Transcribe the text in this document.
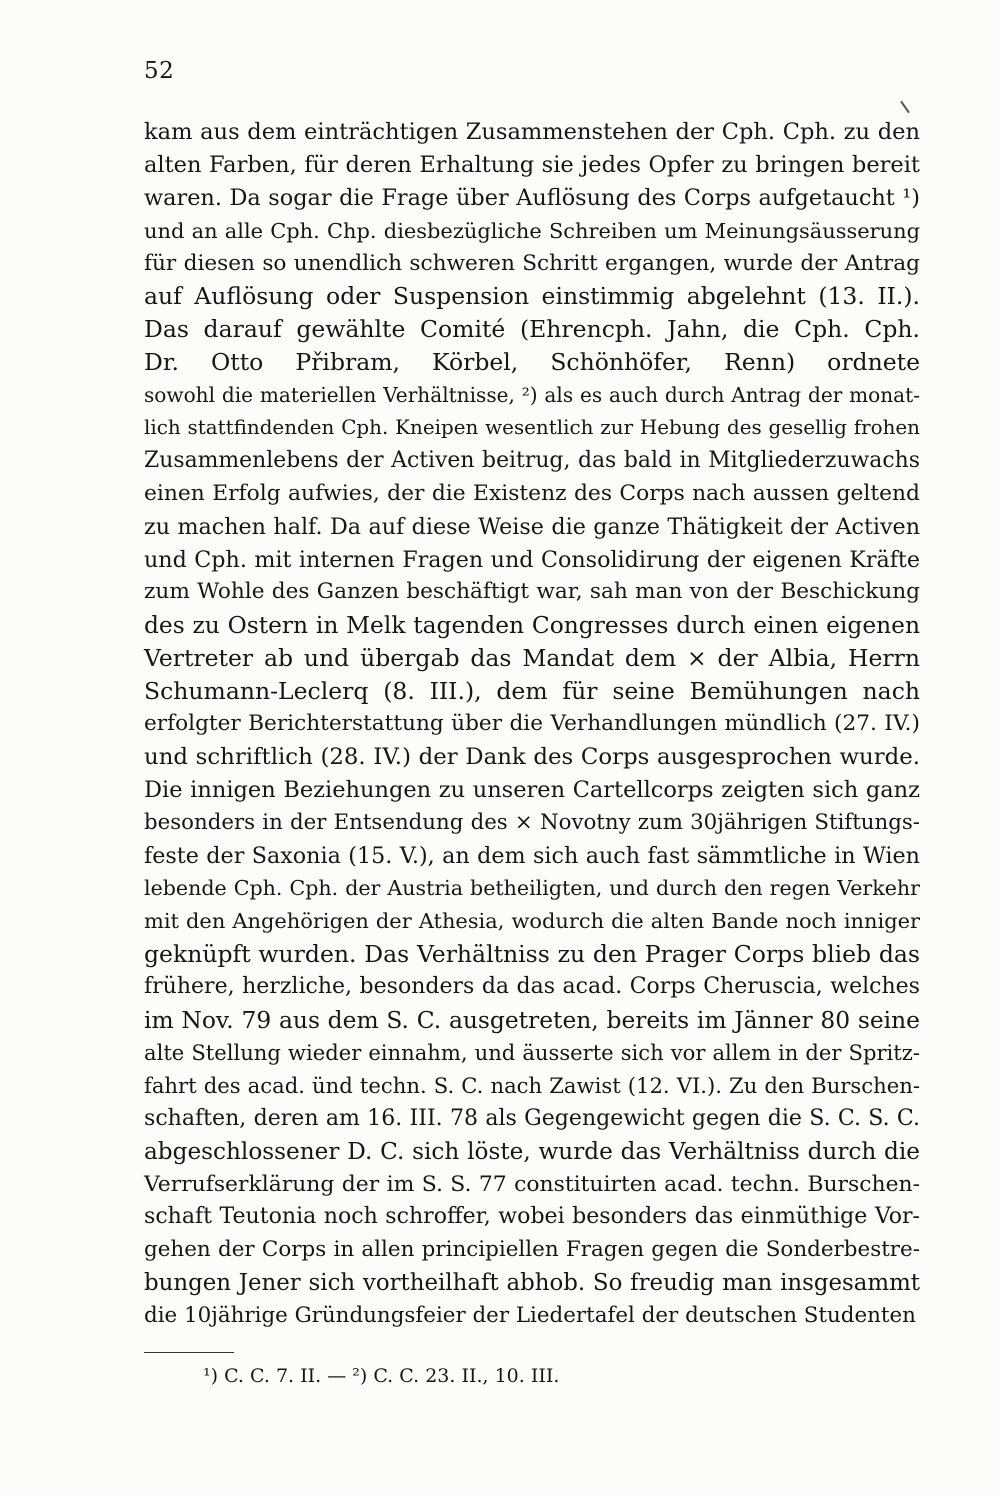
52
kam aus dem einträchtigen Zusammenstehen der Cph. Cph. zu den
alten Farben, für deren Erhaltung sie jedes Opfer zu bringen bereit
waren. Da sogar die Frage über Auflösung des Corps aufgetaucht ¹)
und an alle Cph. Chp. diesbezügliche Schreiben um Meinungsäusserung
für diesen so unendlich schweren Schritt ergangen, wurde der Antrag
auf Auflösung oder Suspension einstimmig abgelehnt (13. II.).
Das darauf gewählte Comité (Ehrencph. Jahn, die Cph. Cph.
Dr. Otto Přibram, Körbel, Schönhöfer, Renn) ordnete
sowohl die materiellen Verhältnisse, ²) als es auch durch Antrag der monat-
lich stattfindenden Cph. Kneipen wesentlich zur Hebung des gesellig frohen
Zusammenlebens der Activen beitrug, das bald in Mitgliederzuwachs
einen Erfolg aufwies, der die Existenz des Corps nach aussen geltend
zu machen half. Da auf diese Weise die ganze Thätigkeit der Activen
und Cph. mit internen Fragen und Consolidirung der eigenen Kräfte
zum Wohle des Ganzen beschäftigt war, sah man von der Beschickung
des zu Ostern in Melk tagenden Congresses durch einen eigenen
Vertreter ab und übergab das Mandat dem × der Albia, Herrn
Schumann-Leclerq (8. III.), dem für seine Bemühungen nach
erfolgter Berichterstattung über die Verhandlungen mündlich (27. IV.)
und schriftlich (28. IV.) der Dank des Corps ausgesprochen wurde.
Die innigen Beziehungen zu unseren Cartellcorps zeigten sich ganz
besonders in der Entsendung des × Novotny zum 30jährigen Stiftungs-
feste der Saxonia (15. V.), an dem sich auch fast sämmtliche in Wien
lebende Cph. Cph. der Austria betheiligten, und durch den regen Verkehr
mit den Angehörigen der Athesia, wodurch die alten Bande noch inniger
geknüpft wurden. Das Verhältniss zu den Prager Corps blieb das
frühere, herzliche, besonders da das acad. Corps Cheruscia, welches
im Nov. 79 aus dem S. C. ausgetreten, bereits im Jänner 80 seine
alte Stellung wieder einnahm, und äusserte sich vor allem in der Spritz-
fahrt des acad. ünd techn. S. C. nach Zawist (12. VI.). Zu den Burschen-
schaften, deren am 16. III. 78 als Gegengewicht gegen die S. C. S. C.
abgeschlossener D. C. sich löste, wurde das Verhältniss durch die
Verrufserklärung der im S. S. 77 constituirten acad. techn. Burschen-
schaft Teutonia noch schroffer, wobei besonders das einmüthige Vor-
gehen der Corps in allen principiellen Fragen gegen die Sonderbestre-
bungen Jener sich vortheilhaft abhob. So freudig man insgesammt
die 10jährige Gründungsfeier der Liedertafel der deutschen Studenten
¹) C. C. 7. II. — ²) C. C. 23. II., 10. III.
